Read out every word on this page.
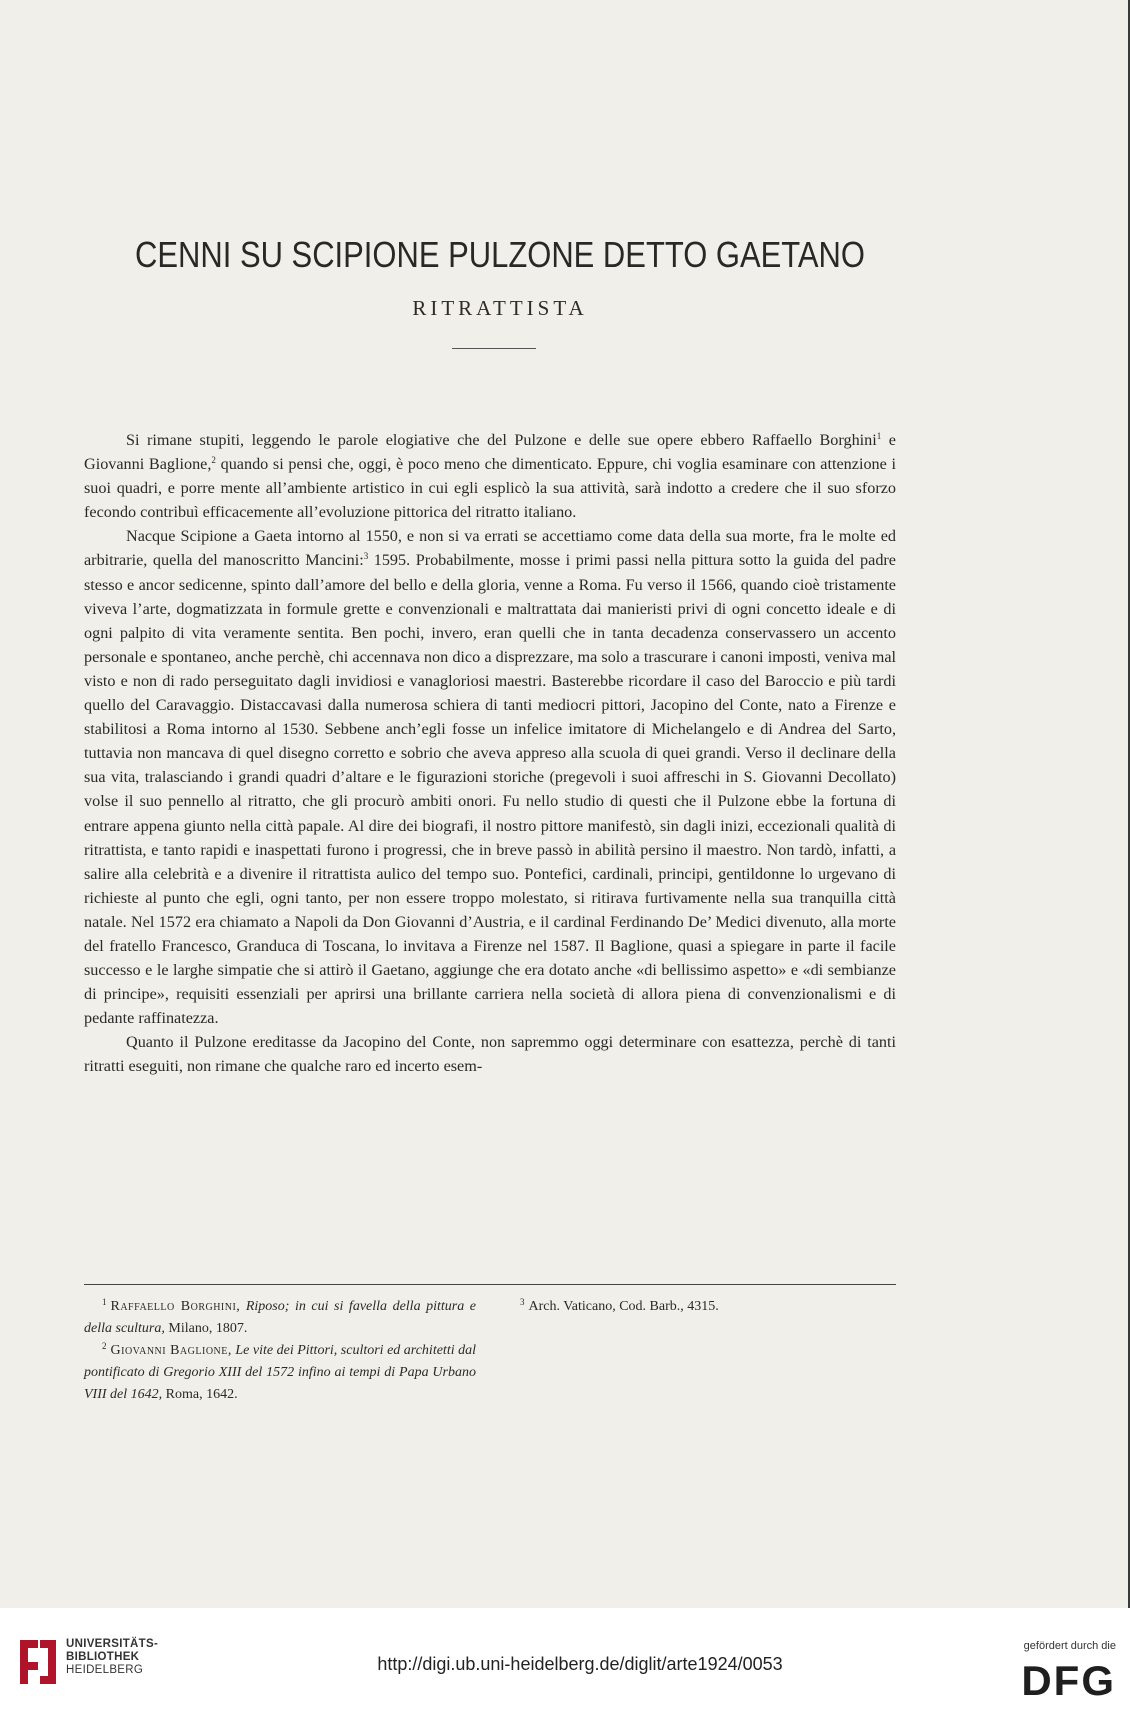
CENNI SU SCIPIONE PULZONE DETTO GAETANO
RITRATTISTA

Si rimane stupiti, leggendo le parole elogiative che del Pulzone e delle sue opere ebbero Raffaello Borghini$^1$ e Giovanni Baglione,$^2$ quando si pensi che, oggi, è poco meno che dimenticato. Eppure, chi voglia esaminare con attenzione i suoi quadri, e porre mente all’ambiente artistico in cui egli esplicò la sua attività, sarà indotto a credere che il suo sforzo fecondo contribuì efficacemente all’evoluzione pittorica del ritratto italiano.

Nacque Scipione a Gaeta intorno al 1550, e non si va errati se accettiamo come data della sua morte, fra le molte ed arbitrarie, quella del manoscritto Mancini:$^3$ 1595. Probabilmente, mosse i primi passi nella pittura sotto la guida del padre stesso e ancor sedicenne, spinto dall’amore del bello e della gloria, venne a Roma. Fu verso il 1566, quando cioè tristamente viveva l’arte, dogmatizzata in formule grette e convenzionali e maltrattata dai manieristi privi di ogni concetto ideale e di ogni palpito di vita veramente sentita. Ben pochi, invero, eran quelli che in tanta decadenza conservassero un accento personale e spontaneo, anche perchè, chi accennava non dico a disprezzare, ma solo a trascurare i canoni imposti, veniva mal visto e non di rado perseguitato dagli invidiosi e vanagloriosi maestri. Basterebbe ricordare il caso del Baroccio e più tardi quello del Caravaggio. Distaccavasi dalla numerosa schiera di tanti mediocri pittori, Jacopino del Conte, nato a Firenze e stabilitosi a Roma intorno al 1530. Sebbene anch’egli fosse un infelice imitatore di Michelangelo e di Andrea del Sarto, tuttavia non mancava di quel disegno corretto e sobrio che aveva appreso alla scuola di quei grandi. Verso il declinare della sua vita, tralasciando i grandi quadri d’altare e le figurazioni storiche (pregevoli i suoi affreschi in S. Giovanni Decollato) volse il suo pennello al ritratto, che gli procurò ambiti onori. Fu nello studio di questi che il Pulzone ebbe la fortuna di entrare appena giunto nella città papale. Al dire dei biografi, il nostro pittore manifestò, sin dagli inizi, eccezionali qualità di ritrattista, e tanto rapidi e inaspettati furono i progressi, che in breve passò in abilità persino il maestro. Non tardò, infatti, a salire alla celebrità e a divenire il ritrattista aulico del tempo suo. Pontefici, cardinali, principi, gentildonne lo urgevano di richieste al punto che egli, ogni tanto, per non essere troppo molestato, si ritirava furtivamente nella sua tranquilla città natale. Nel 1572 era chiamato a Napoli da Don Giovanni d’Austria, e il cardinal Ferdinando De’ Medici divenuto, alla morte del fratello Francesco, Granduca di Toscana, lo invitava a Firenze nel 1587. Il Baglione, quasi a spiegare in parte il facile successo e le larghe simpatie che si attirò il Gaetano, aggiunge che era dotato anche «di bellissimo aspetto» e «di sembianze di principe», requisiti essenziali per aprirsi una brillante carriera nella società di allora piena di convenzionalismi e di pedante raffinatezza.

Quanto il Pulzone ereditasse da Jacopino del Conte, non sapremmo oggi determinare con esattezza, perchè di tanti ritratti eseguiti, non rimane che qualche raro ed incerto esem-

$^1$ Raffaello Borghini, Riposo; in cui si favella della pittura e della scultura, Milano, 1807.

$^2$ Giovanni Baglione, Le vite dei Pittori, scultori ed architetti dal pontificato di Gregorio XIII del 1572 infino ai tempi di Papa Urbano VIII del 1642, Roma, 1642.

$^3$ Arch. Vaticano, Cod. Barb., 4315.

UNIVERSITÄTS-
BIBLIOTHEK
HEIDELBERG	http://digi.ub.uni-heidelberg.de/diglit/arte1924/0053
gefördert durch die
DFG
